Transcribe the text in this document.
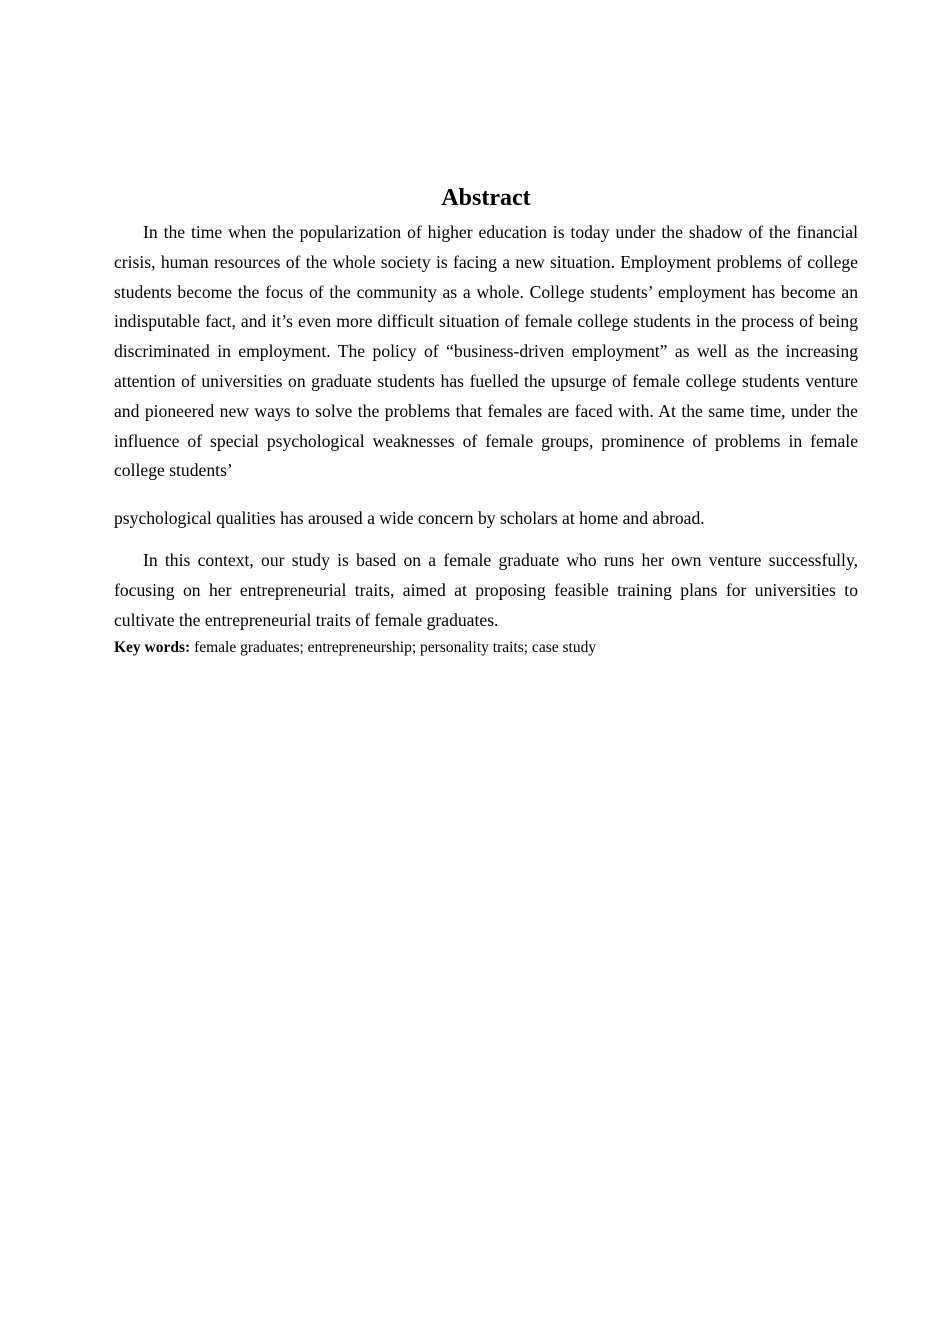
Abstract

In the time when the popularization of higher education is today under the shadow of the financial crisis, human resources of the whole society is facing a new situation. Employment problems of college students become the focus of the community as a whole. College students’ employment has become an indisputable fact, and it’s even more difficult situation of female college students in the process of being discriminated in employment. The policy of “business-driven employment” as well as the increasing attention of universities on graduate students has fuelled the upsurge of female college students venture and pioneered new ways to solve the problems that females are faced with. At the same time, under the influence of special psychological weaknesses of female groups, prominence of problems in female college students’

psychological qualities has aroused a wide concern by scholars at home and abroad.

In this context, our study is based on a female graduate who runs her own venture successfully, focusing on her entrepreneurial traits, aimed at proposing feasible training plans for universities to cultivate the entrepreneurial traits of female graduates.

Key words: female graduates; entrepreneurship; personality traits; case study
